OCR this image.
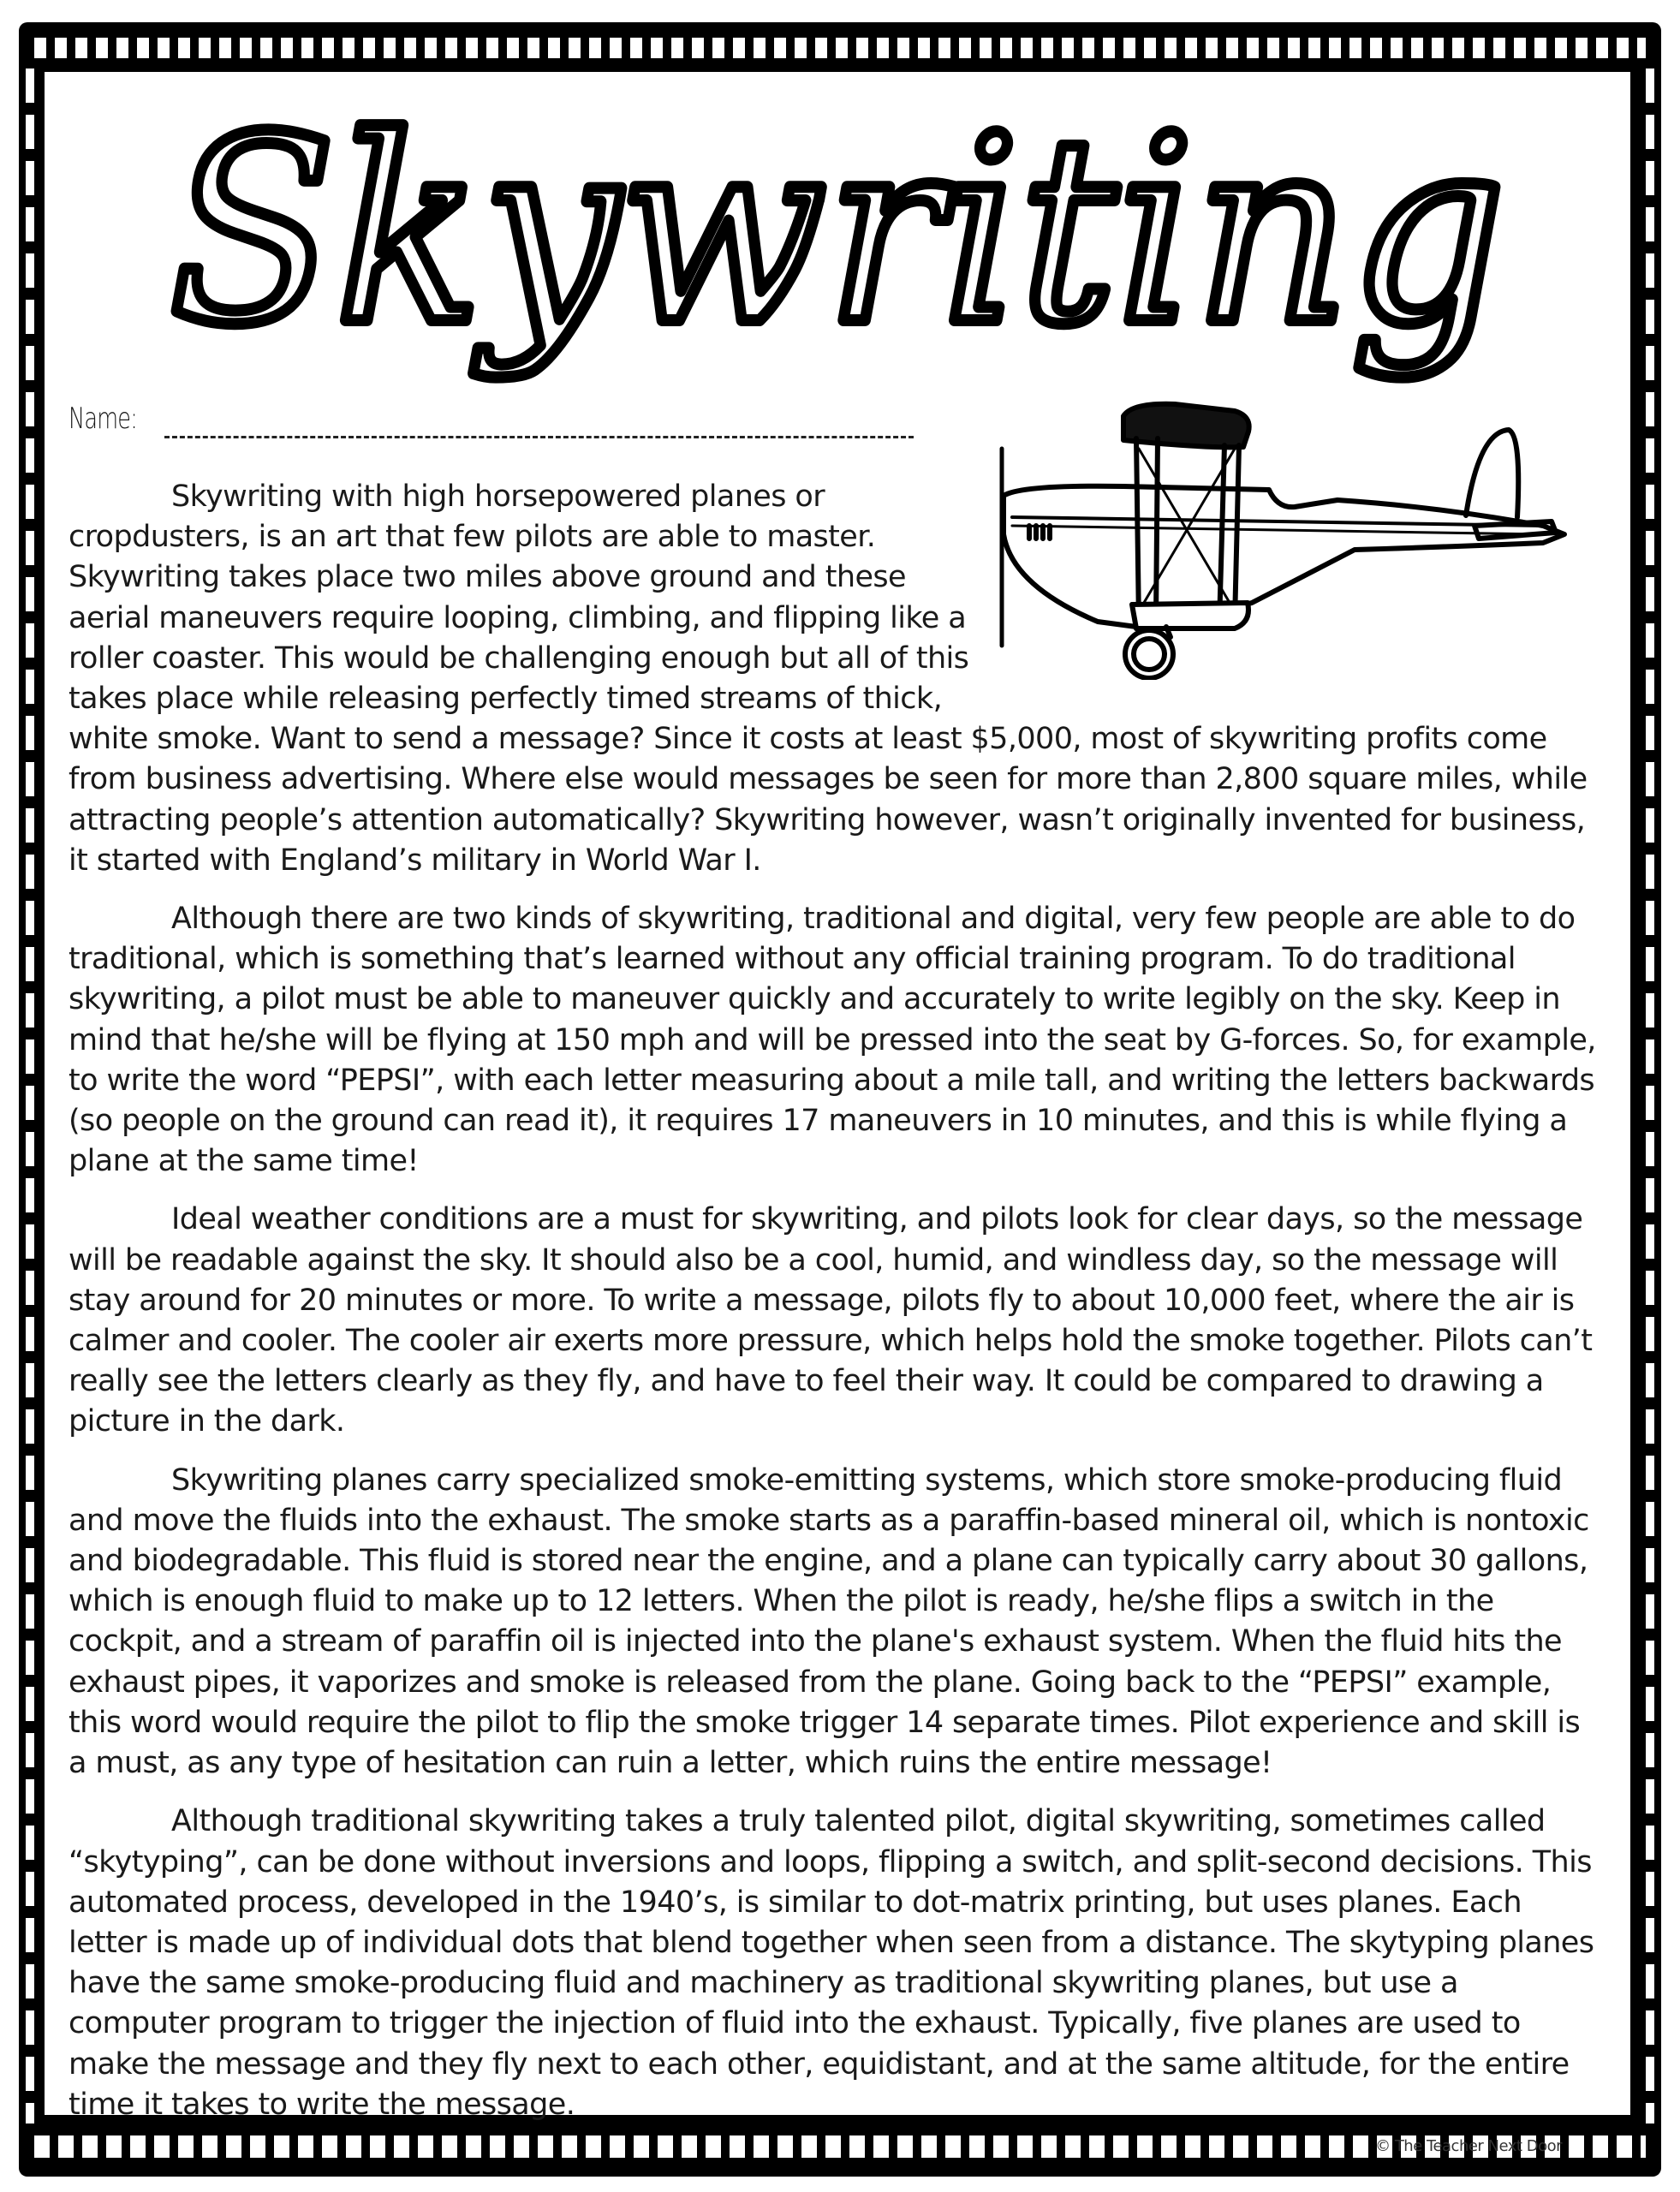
Skywriting
Name:

Skywriting with high horsepowered planes or cropdusters, is an art that few pilots are able to master. Skywriting takes place two miles above ground and these aerial maneuvers require looping, climbing, and flipping like a roller coaster. This would be challenging enough but all of this takes place while releasing perfectly timed streams of thick, white smoke. Want to send a message? Since it costs at least $5,000, most of skywriting profits come from business advertising. Where else would messages be seen for more than 2,800 square miles, while attracting people’s attention automatically? Skywriting however, wasn’t originally invented for business, it started with England’s military in World War I.

Although there are two kinds of skywriting, traditional and digital, very few people are able to do traditional, which is something that’s learned without any official training program. To do traditional skywriting, a pilot must be able to maneuver quickly and accurately to write legibly on the sky. Keep in mind that he/she will be flying at 150 mph and will be pressed into the seat by G-forces. So, for example, to write the word “PEPSI”, with each letter measuring about a mile tall, and writing the letters backwards (so people on the ground can read it), it requires 17 maneuvers in 10 minutes, and this is while flying a plane at the same time!

Ideal weather conditions are a must for skywriting, and pilots look for clear days, so the message will be readable against the sky. It should also be a cool, humid, and windless day, so the message will stay around for 20 minutes or more. To write a message, pilots fly to about 10,000 feet, where the air is calmer and cooler. The cooler air exerts more pressure, which helps hold the smoke together. Pilots can’t really see the letters clearly as they fly, and have to feel their way. It could be compared to drawing a picture in the dark.

Skywriting planes carry specialized smoke-emitting systems, which store smoke-producing fluid and move the fluids into the exhaust. The smoke starts as a paraffin-based mineral oil, which is nontoxic and biodegradable. This fluid is stored near the engine, and a plane can typically carry about 30 gallons, which is enough fluid to make up to 12 letters. When the pilot is ready, he/she flips a switch in the cockpit, and a stream of paraffin oil is injected into the plane's exhaust system. When the fluid hits the exhaust pipes, it vaporizes and smoke is released from the plane. Going back to the “PEPSI” example, this word would require the pilot to flip the smoke trigger 14 separate times. Pilot experience and skill is a must, as any type of hesitation can ruin a letter, which ruins the entire message!

Although traditional skywriting takes a truly talented pilot, digital skywriting, sometimes called “skytyping”, can be done without inversions and loops, flipping a switch, and split-second decisions. This automated process, developed in the 1940’s, is similar to dot-matrix printing, but uses planes. Each letter is made up of individual dots that blend together when seen from a distance. The skytyping planes have the same smoke-producing fluid and machinery as traditional skywriting planes, but use a computer program to trigger the injection of fluid into the exhaust. Typically, five planes are used to make the message and they fly next to each other, equidistant, and at the same altitude, for the entire time it takes to write the message.

© The Teacher Next Door
